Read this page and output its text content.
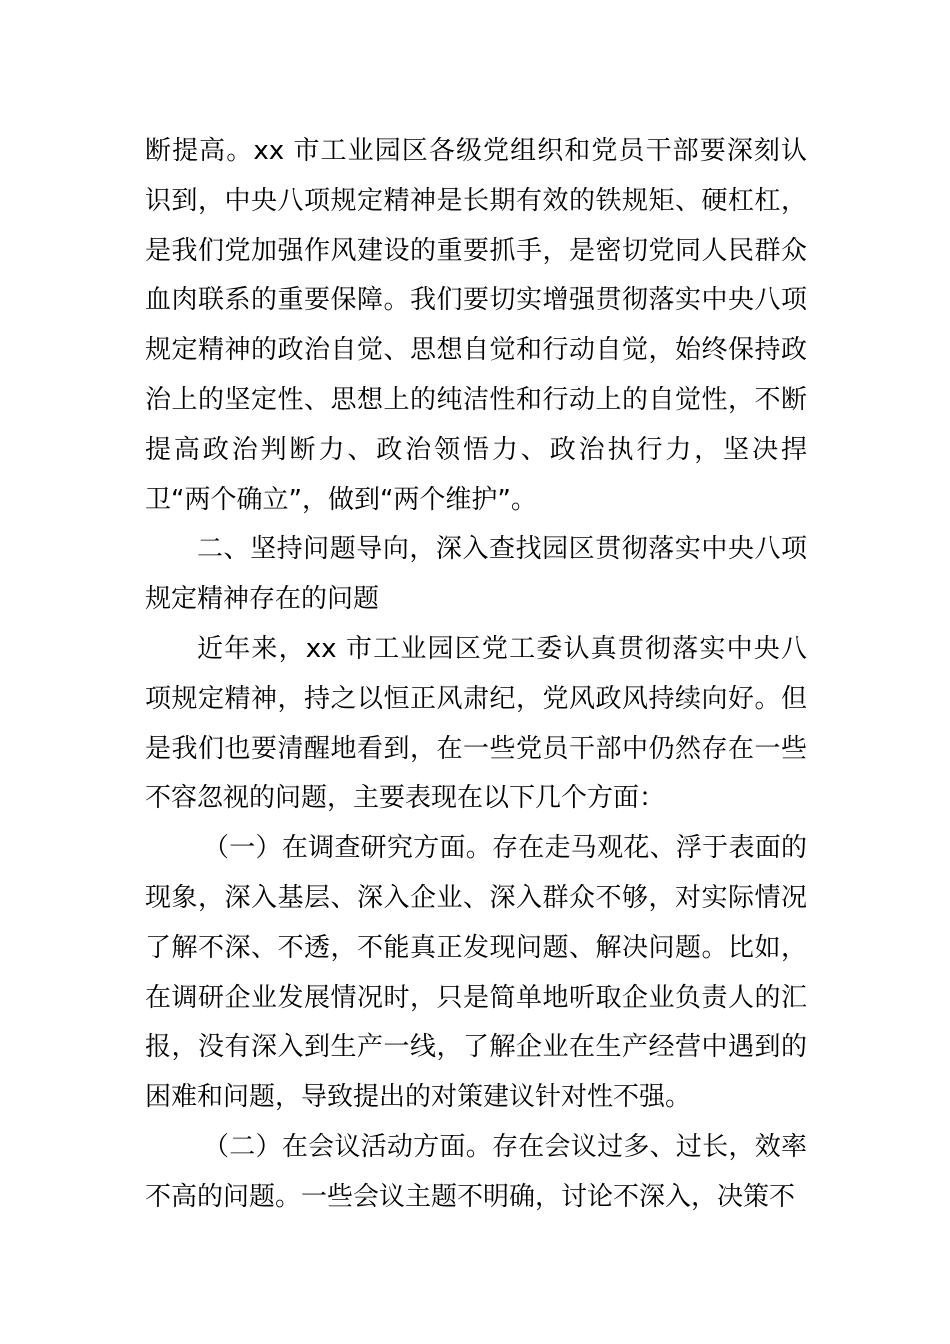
断提高。xx 市工业园区各级党组织和党员干部要深刻认识到，中央八项规定精神是长期有效的铁规矩、硬杠杠，是我们党加强作风建设的重要抓手，是密切党同人民群众血肉联系的重要保障。我们要切实增强贯彻落实中央八项规定精神的政治自觉、思想自觉和行动自觉，始终保持政治上的坚定性、思想上的纯洁性和行动上的自觉性，不断提高政治判断力、政治领悟力、政治执行力，坚决捍卫“两个确立”，做到“两个维护”。

二、坚持问题导向，深入查找园区贯彻落实中央八项规定精神存在的问题

近年来，xx 市工业园区党工委认真贯彻落实中央八项规定精神，持之以恒正风肃纪，党风政风持续向好。但是我们也要清醒地看到，在一些党员干部中仍然存在一些不容忽视的问题，主要表现在以下几个方面：

（一）在调查研究方面。存在走马观花、浮于表面的现象，深入基层、深入企业、深入群众不够，对实际情况了解不深、不透，不能真正发现问题、解决问题。比如，在调研企业发展情况时，只是简单地听取企业负责人的汇报，没有深入到生产一线，了解企业在生产经营中遇到的困难和问题，导致提出的对策建议针对性不强。

（二）在会议活动方面。存在会议过多、过长，效率不高的问题。一些会议主题不明确，讨论不深入，决策不
